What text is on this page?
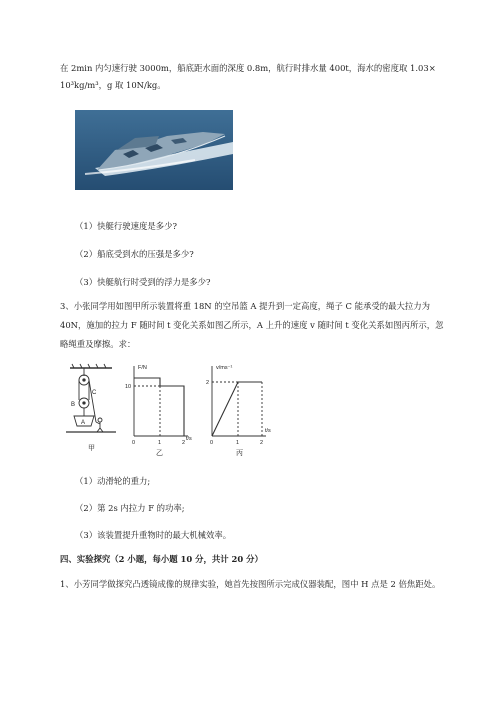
在 2min 内匀速行驶 3000m，船底距水面的深度 0.8m，航行时排水量 400t，海水的密度取 1.03×
10³kg/m³，g 取 10N/kg。
（1）快艇行驶速度是多少?
（2）船底受到水的压强是多少?
（3）快艇航行时受到的浮力是多少?
3、小张同学用如图甲所示装置将重 18N 的空吊篮 A 提升到一定高度，绳子 C 能承受的最大拉力为
40N，施加的拉力 F 随时间 t 变化关系如图乙所示，A 上升的速度 v 随时间 t 变化关系如图丙所示，忽
略绳重及摩擦。求：
C
B
A
甲
F/N
10
0	1	2
t/s
乙
v/ms⁻¹
2
0	1	2
t/s
丙
（1）动滑轮的重力;
（2）第 2s 内拉力 F 的功率;
（3）该装置提升重物时的最大机械效率。
四、实验探究（2 小题，每小题 10 分，共计 20 分）
1、小芳同学做探究凸透镜成像的规律实验，她首先按图所示完成仪器装配，图中 H 点是 2 倍焦距处。
